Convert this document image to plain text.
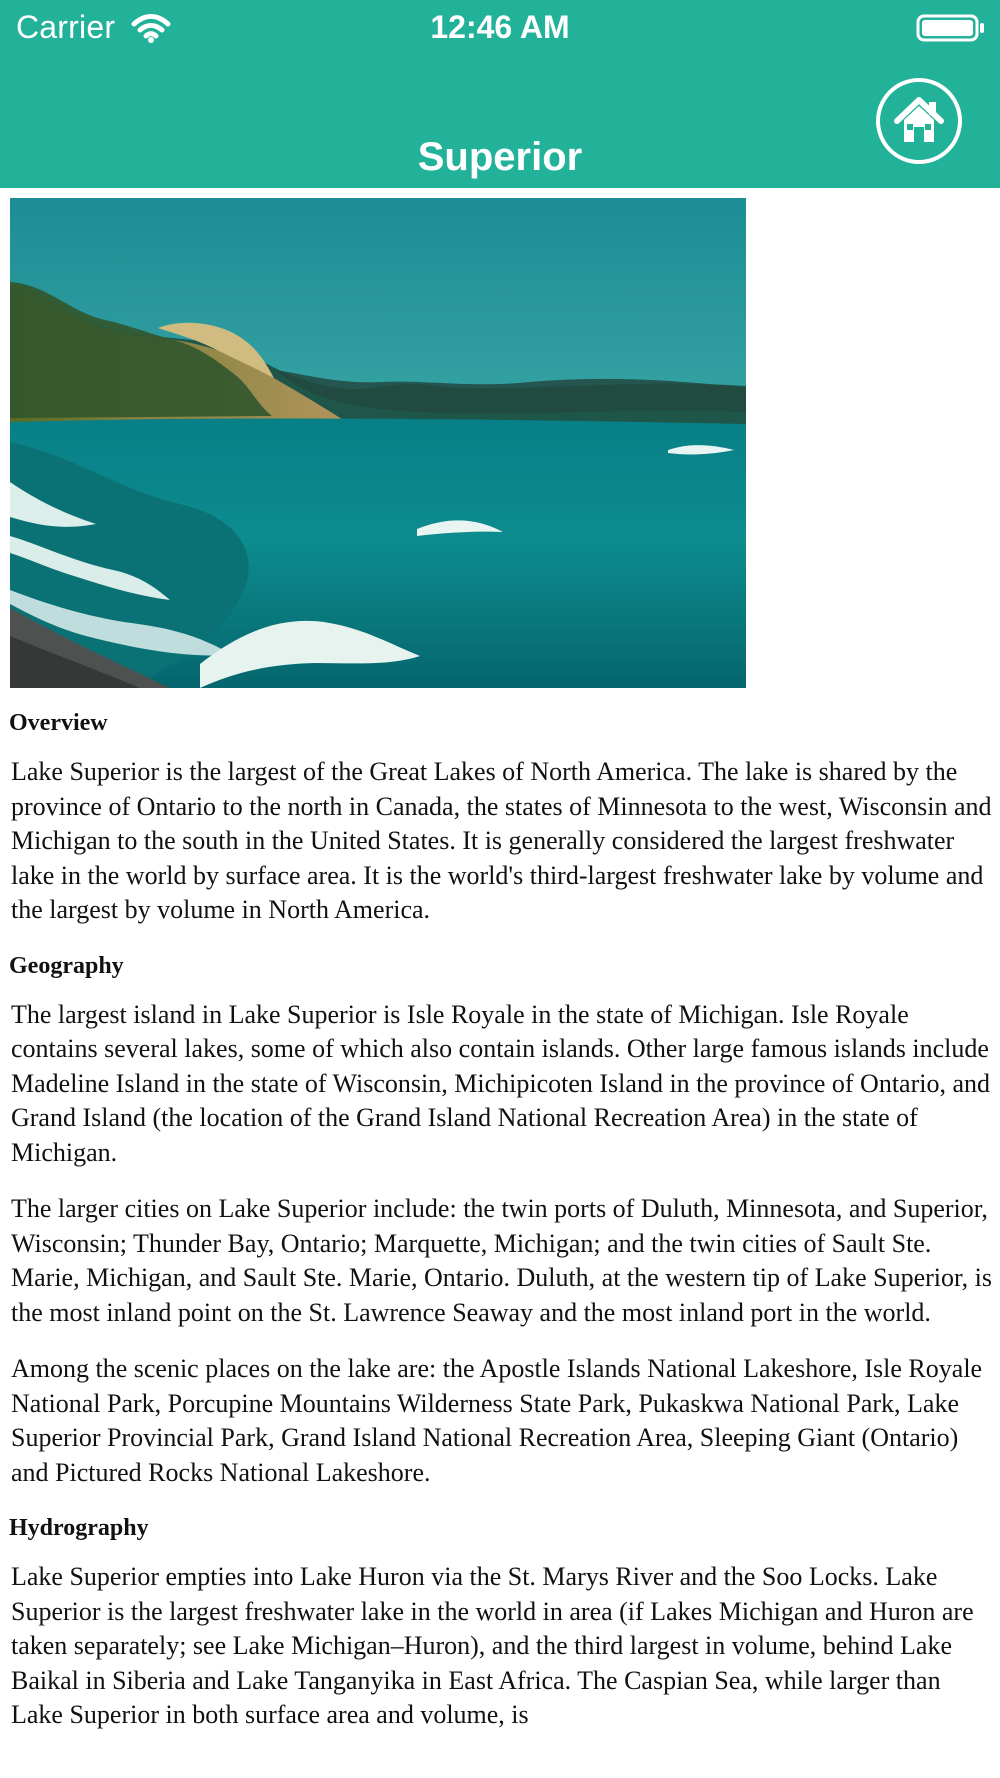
Carrier	12:46 AM
Superior
Overview

Lake Superior is the largest of the Great Lakes of North America. The lake is shared by the province of Ontario to the north in Canada, the states of Minnesota to the west, Wisconsin and Michigan to the south in the United States. It is generally considered the largest freshwater lake in the world by surface area. It is the world's third-largest freshwater lake by volume and the largest by volume in North America.

Geography

The largest island in Lake Superior is Isle Royale in the state of Michigan. Isle Royale contains several lakes, some of which also contain islands. Other large famous islands include Madeline Island in the state of Wisconsin, Michipicoten Island in the province of Ontario, and Grand Island (the location of the Grand Island National Recreation Area) in the state of Michigan.

The larger cities on Lake Superior include: the twin ports of Duluth, Minnesota, and Superior, Wisconsin; Thunder Bay, Ontario; Marquette, Michigan; and the twin cities of Sault Ste. Marie, Michigan, and Sault Ste. Marie, Ontario. Duluth, at the western tip of Lake Superior, is the most inland point on the St. Lawrence Seaway and the most inland port in the world.

Among the scenic places on the lake are: the Apostle Islands National Lakeshore, Isle Royale National Park, Porcupine Mountains Wilderness State Park, Pukaskwa National Park, Lake Superior Provincial Park, Grand Island National Recreation Area, Sleeping Giant (Ontario) and Pictured Rocks National Lakeshore.

Hydrography

Lake Superior empties into Lake Huron via the St. Marys River and the Soo Locks. Lake Superior is the largest freshwater lake in the world in area (if Lakes Michigan and Huron are taken separately; see Lake Michigan–Huron), and the third largest in volume, behind Lake Baikal in Siberia and Lake Tanganyika in East Africa. The Caspian Sea, while larger than Lake Superior in both surface area and volume, is
